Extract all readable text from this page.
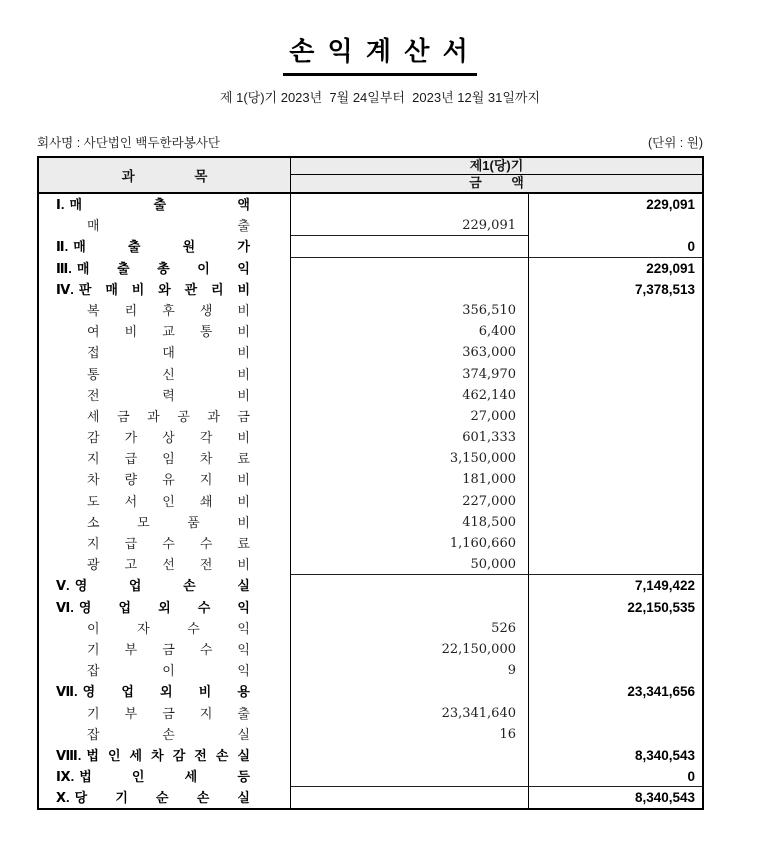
손 익 계 산 서
제 1(당)기 2023년  7월 24일부터  2023년 12월 31일까지
회사명 : 사단법인 백두한라봉사단	(단위 : 원)
과 목
제1(당)기
금 액
Ⅰ. 매 출 액	229,091
매 출	229,091
Ⅱ. 매 출 원 가	0
Ⅲ. 매 출 총 이 익	229,091
Ⅳ. 판 매 비 와 관 리 비	7,378,513
복 리 후 생 비	356,510
여 비 교 통 비	6,400
접 대 비	363,000
통 신 비	374,970
전 력 비	462,140
세 금 과 공 과 금	27,000
감 가 상 각 비	601,333
지 급 임 차 료	3,150,000
차 량 유 지 비	181,000
도 서 인 쇄 비	227,000
소 모 품 비	418,500
지 급 수 수 료	1,160,660
광 고 선 전 비	50,000
Ⅴ. 영 업 손 실	7,149,422
Ⅵ. 영 업 외 수 익	22,150,535
이 자 수 익	526
기 부 금 수 익	22,150,000
잡 이 익	9
Ⅶ. 영 업 외 비 용	23,341,656
기 부 금 지 출	23,341,640
잡 손 실	16
Ⅷ. 법 인 세 차 감 전 손 실	8,340,543
Ⅸ. 법 인 세 등	0
Ⅹ. 당 기 순 손 실	8,340,543
